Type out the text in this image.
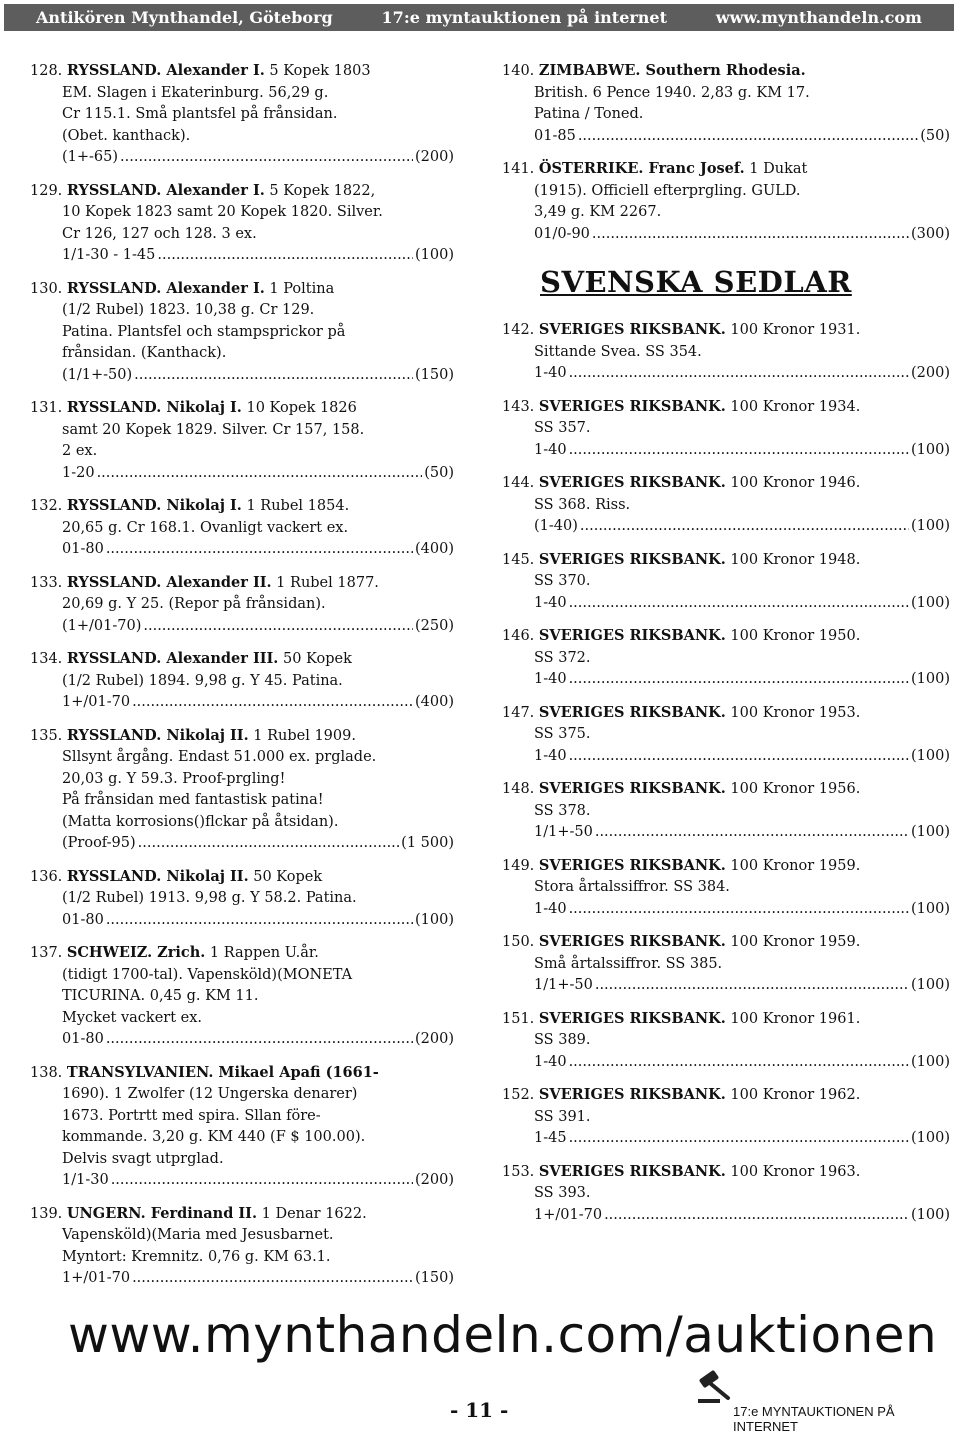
Antikören Mynthandel, Göteborg	17:e myntauktionen på internet	www.mynthandeln.com
128. RYSSLAND. Alexander I. 5 Kopek 1803
EM. Slagen i Ekaterinburg. 56,29 g.
Cr 115.1. Små plantsfel på frånsidan.
(Obet. kanthack).
(1+-65) .....	(200)
129. RYSSLAND. Alexander I. 5 Kopek 1822,
10 Kopek 1823 samt 20 Kopek 1820. Silver.
Cr 126, 127 och 128. 3 ex.
1/1-30 - 1-45 .....	(100)
130. RYSSLAND. Alexander I. 1 Poltina
(1/2 Rubel) 1823. 10,38 g. Cr 129.
Patina. Plantsfel och stampsprickor på
frånsidan. (Kanthack).
(1/1+-50) .....	(150)
131. RYSSLAND. Nikolaj I. 10 Kopek 1826
samt 20 Kopek 1829. Silver. Cr 157, 158.
2 ex.
1-20 .....	(50)
132. RYSSLAND. Nikolaj I. 1 Rubel 1854.
20,65 g. Cr 168.1. Ovanligt vackert ex.
01-80 .....	(400)
133. RYSSLAND. Alexander II. 1 Rubel 1877.
20,69 g. Y 25. (Repor på frånsidan).
(1+/01-70) .....	(250)
134. RYSSLAND. Alexander III. 50 Kopek
(1/2 Rubel) 1894. 9,98 g. Y 45. Patina.
1+/01-70 .....	(400)
135. RYSSLAND. Nikolaj II. 1 Rubel 1909.
Sllsynt årgång. Endast 51.000 ex. prglade.
20,03 g. Y 59.3. Proof-prgling!
På frånsidan med fantastisk patina!
(Matta korrosions()flckar på åtsidan).
(Proof-95) .....	(1 500)
136. RYSSLAND. Nikolaj II. 50 Kopek
(1/2 Rubel) 1913. 9,98 g. Y 58.2. Patina.
01-80 .....	(100)
137. SCHWEIZ. Zrich. 1 Rappen U.år.
(tidigt 1700-tal). Vapensköld)(MONETA
TICURINA. 0,45 g. KM 11.
Mycket vackert ex.
01-80 .....	(200)
138. TRANSYLVANIEN. Mikael Apafi (1661-
1690). 1 Zwolfer (12 Ungerska denarer)
1673. Portrtt med spira. Sllan före-
kommande. 3,20 g. KM 440 (F $ 100.00).
Delvis svagt utprglad.
1/1-30 .....	(200)
139. UNGERN. Ferdinand II. 1 Denar 1622.
Vapensköld)(Maria med Jesusbarnet.
Myntort: Kremnitz. 0,76 g. KM 63.1.
1+/01-70 .....	(150)
140. ZIMBABWE. Southern Rhodesia.
British. 6 Pence 1940. 2,83 g. KM 17.
Patina / Toned.
01-85 .....	(50)
141. ÖSTERRIKE. Franc Josef. 1 Dukat
(1915). Officiell efterprgling. GULD.
3,49 g. KM 2267.
01/0-90 .....	(300)
SVENSKA SEDLAR
142. SVERIGES RIKSBANK. 100 Kronor 1931.
Sittande Svea. SS 354.
1-40 .....	(200)
143. SVERIGES RIKSBANK. 100 Kronor 1934.
SS 357.
1-40 .....	(100)
144. SVERIGES RIKSBANK. 100 Kronor 1946.
SS 368. Riss.
(1-40) .....	(100)
145. SVERIGES RIKSBANK. 100 Kronor 1948.
SS 370.
1-40 .....	(100)
146. SVERIGES RIKSBANK. 100 Kronor 1950.
SS 372.
1-40 .....	(100)
147. SVERIGES RIKSBANK. 100 Kronor 1953.
SS 375.
1-40 .....	(100)
148. SVERIGES RIKSBANK. 100 Kronor 1956.
SS 378.
1/1+-50 .....	(100)
149. SVERIGES RIKSBANK. 100 Kronor 1959.
Stora årtalssiffror. SS 384.
1-40 .....	(100)
150. SVERIGES RIKSBANK. 100 Kronor 1959.
Små årtalssiffror. SS 385.
1/1+-50 .....	(100)
151. SVERIGES RIKSBANK. 100 Kronor 1961.
SS 389.
1-40 .....	(100)
152. SVERIGES RIKSBANK. 100 Kronor 1962.
SS 391.
1-45 .....	(100)
153. SVERIGES RIKSBANK. 100 Kronor 1963.
SS 393.
1+/01-70 .....	(100)
www.mynthandeln.com/auktionen
- 11 -	17:e MYNTAUKTIONEN PÅ INTERNET
